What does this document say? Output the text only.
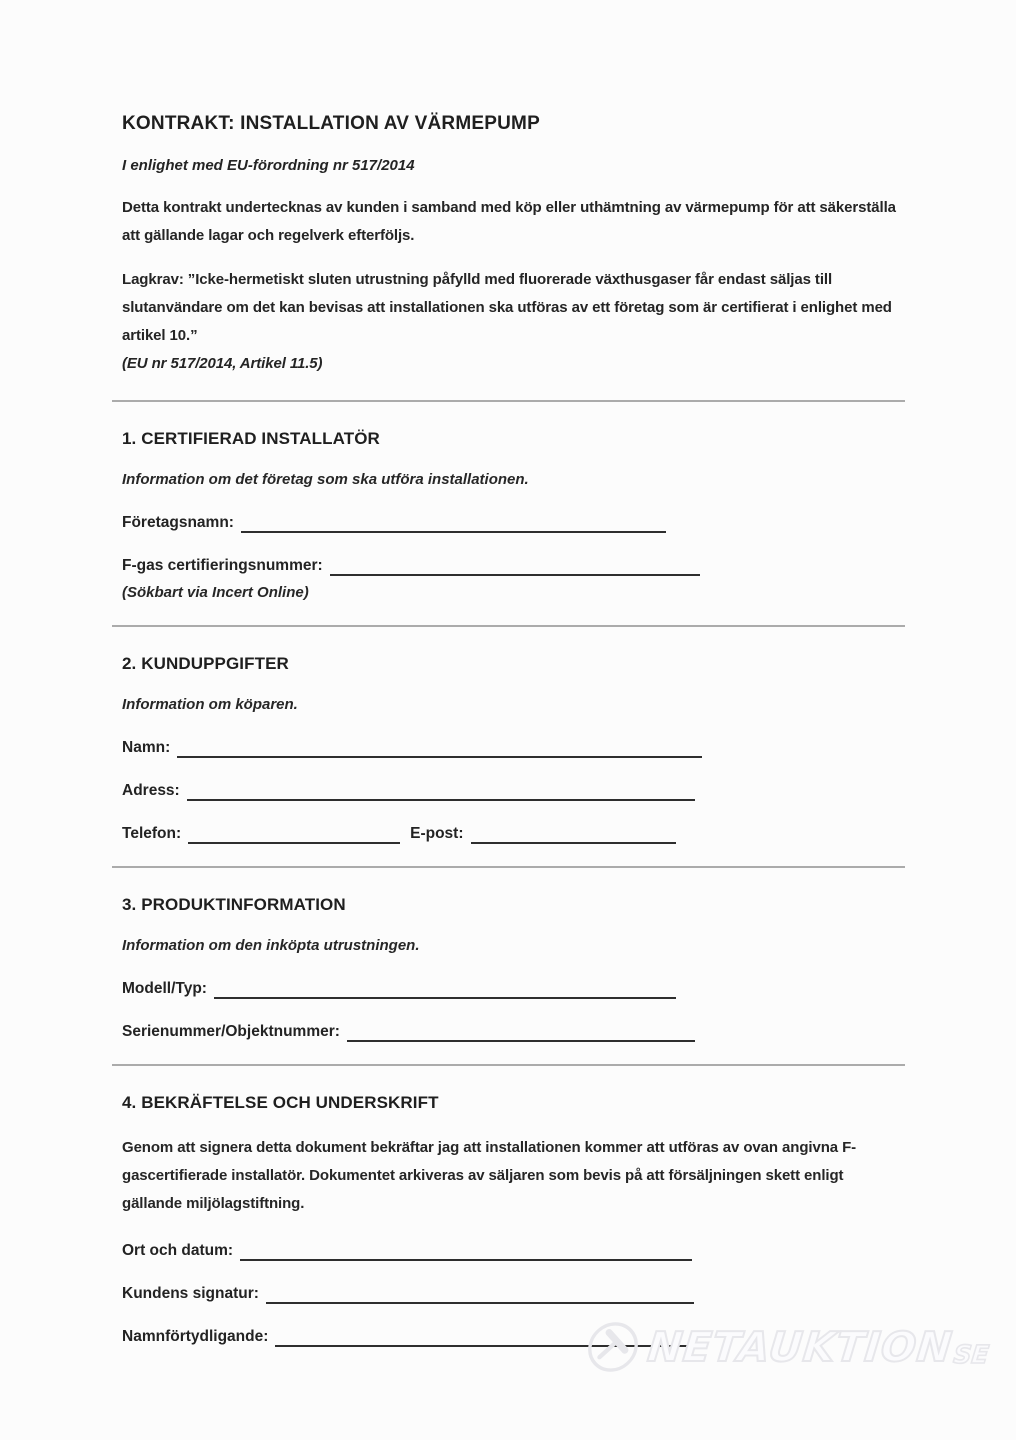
KONTRAKT: INSTALLATION AV VÄRMEPUMP

I enlighet med EU-förordning nr 517/2014

Detta kontrakt undertecknas av kunden i samband med köp eller uthämtning av värmepump för att säkerställa att gällande lagar och regelverk efterföljs.

Lagkrav: ”Icke-hermetiskt sluten utrustning påfylld med fluorerade växthusgaser får endast säljas till slutanvändare om det kan bevisas att installationen ska utföras av ett företag som är certifierat i enlighet med artikel 10.”
(EU nr 517/2014, Artikel 11.5)

1. CERTIFIERAD INSTALLATÖR

Information om det företag som ska utföra installationen.

Företagsnamn:
F-gas certifieringsnummer:

(Sökbart via Incert Online)

2. KUNDUPPGIFTER

Information om köparen.

Namn:
Adress:
Telefon:	E-post:
3. PRODUKTINFORMATION

Information om den inköpta utrustningen.

Modell/Typ:
Serienummer/Objektnummer:
4. BEKRÄFTELSE OCH UNDERSKRIFT

Genom att signera detta dokument bekräftar jag att installationen kommer att utföras av ovan angivna F-gascertifierade installatör. Dokumentet arkiveras av säljaren som bevis på att försäljningen skett enligt gällande miljölagstiftning.

Ort och datum:
Kundens signatur:
Namnförtydligande:	NETAUKTION
SE
